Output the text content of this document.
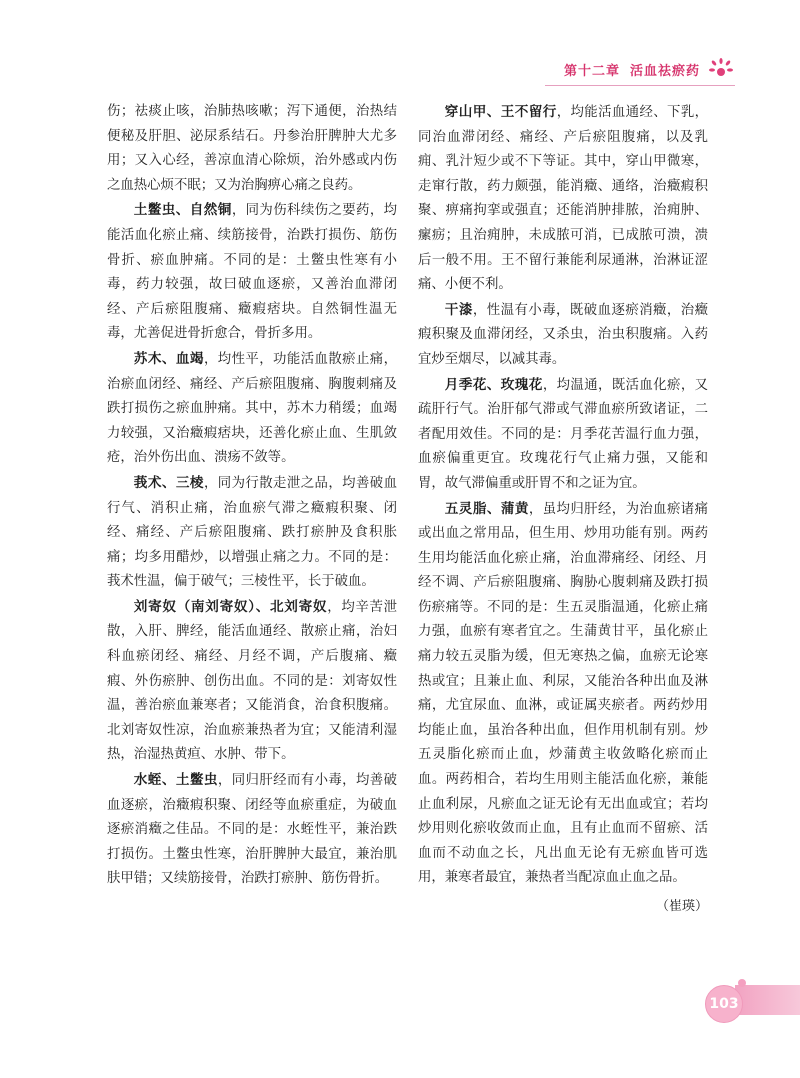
第十二章 活血祛瘀药

伤；祛痰止咳，治肺热咳嗽；泻下通便，治热结便秘及肝胆、泌尿系结石。丹参治肝脾肿大尤多用；又入心经，善凉血清心除烦，治外感或内伤之血热心烦不眠；又为治胸痹心痛之良药。

土鳖虫、自然铜，同为伤科续伤之要药，均能活血化瘀止痛、续筋接骨，治跌打损伤、筋伤骨折、瘀血肿痛。不同的是：土鳖虫性寒有小毒，药力较强，故曰破血逐瘀，又善治血滞闭经、产后瘀阻腹痛、癥瘕痞块。自然铜性温无毒，尤善促进骨折愈合，骨折多用。

苏木、血竭，均性平，功能活血散瘀止痛，治瘀血闭经、痛经、产后瘀阻腹痛、胸腹刺痛及跌打损伤之瘀血肿痛。其中，苏木力稍缓；血竭力较强，又治癥瘕痞块，还善化瘀止血、生肌敛疮，治外伤出血、溃疡不敛等。

莪术、三棱，同为行散走泄之品，均善破血行气、消积止痛，治血瘀气滞之癥瘕积聚、闭经、痛经、产后瘀阻腹痛、跌打瘀肿及食积胀痛；均多用醋炒，以增强止痛之力。不同的是：莪术性温，偏于破气；三棱性平，长于破血。

刘寄奴（南刘寄奴）、北刘寄奴，均辛苦泄散，入肝、脾经，能活血通经、散瘀止痛，治妇科血瘀闭经、痛经、月经不调，产后腹痛、癥瘕、外伤瘀肿、创伤出血。不同的是：刘寄奴性温，善治瘀血兼寒者；又能消食，治食积腹痛。北刘寄奴性凉，治血瘀兼热者为宜；又能清利湿热，治湿热黄疸、水肿、带下。

水蛭、土鳖虫，同归肝经而有小毒，均善破血逐瘀，治癥瘕积聚、闭经等血瘀重症，为破血逐瘀消癥之佳品。不同的是：水蛭性平，兼治跌打损伤。土鳖虫性寒，治肝脾肿大最宜，兼治肌肤甲错；又续筋接骨，治跌打瘀肿、筋伤骨折。

穿山甲、王不留行，均能活血通经、下乳，同治血滞闭经、痛经、产后瘀阻腹痛，以及乳痈、乳汁短少或不下等证。其中，穿山甲微寒，走窜行散，药力颇强，能消癥、通络，治癥瘕积聚、痹痛拘挛或强直；还能消肿排脓，治痈肿、瘰疬；且治痈肿，未成脓可消，已成脓可溃，溃后一般不用。王不留行兼能利尿通淋，治淋证涩痛、小便不利。

干漆，性温有小毒，既破血逐瘀消癥，治癥瘕积聚及血滞闭经，又杀虫，治虫积腹痛。入药宜炒至烟尽，以减其毒。

月季花、玫瑰花，均温通，既活血化瘀，又疏肝行气。治肝郁气滞或气滞血瘀所致诸证，二者配用效佳。不同的是：月季花苦温行血力强，血瘀偏重更宜。玫瑰花行气止痛力强，又能和胃，故气滞偏重或肝胃不和之证为宜。

五灵脂、蒲黄，虽均归肝经，为治血瘀诸痛或出血之常用品，但生用、炒用功能有别。两药生用均能活血化瘀止痛，治血滞痛经、闭经、月经不调、产后瘀阻腹痛、胸胁心腹刺痛及跌打损伤瘀痛等。不同的是：生五灵脂温通，化瘀止痛力强，血瘀有寒者宜之。生蒲黄甘平，虽化瘀止痛力较五灵脂为缓，但无寒热之偏，血瘀无论寒热或宜；且兼止血、利尿，又能治各种出血及淋痛，尤宜尿血、血淋，或证属夹瘀者。两药炒用均能止血，虽治各种出血，但作用机制有别。炒五灵脂化瘀而止血，炒蒲黄主收敛略化瘀而止血。两药相合，若均生用则主能活血化瘀，兼能止血利尿，凡瘀血之证无论有无出血或宜；若均炒用则化瘀收敛而止血，且有止血而不留瘀、活血而不动血之长，凡出血无论有无瘀血皆可选用，兼寒者最宜，兼热者当配凉血止血之品。

（崔瑛）
103
